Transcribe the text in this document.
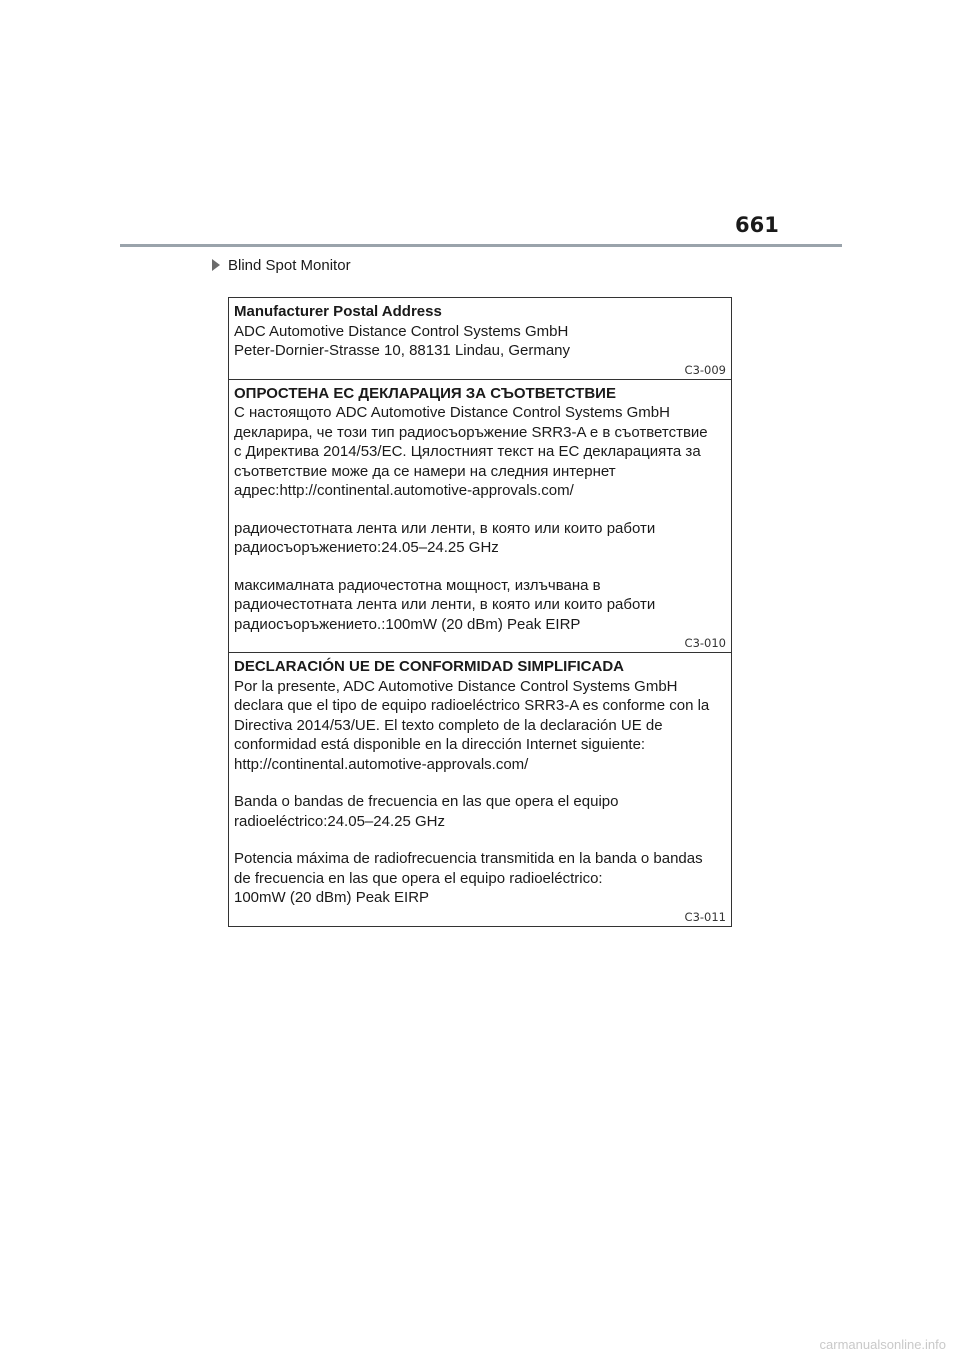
661
Blind Spot Monitor
Manufacturer Postal Address

ADC Automotive Distance Control Systems GmbH

Peter-Dornier-Strasse 10, 88131 Lindau, Germany

C3-009
ОПРОСТЕНА ЕС ДЕКЛАРАЦИЯ ЗА СЪОТВЕТСТВИЕ

С настоящото ADC Automotive Distance Control Systems GmbH

декларира, че този тип радиосъоръжение SRR3-A е в съответствие

с Директива 2014/53/ЕС. Цялостният текст на ЕС декларацията за

съответствие може да се намери на следния интернет

адрес:http://continental.automotive-approvals.com/

радиочестотната лента или ленти, в която или които работи

радиосъоръжението:24.05–24.25 GHz

максималната радиочестотна мощност, излъчвана в

радиочестотната лента или ленти, в която или които работи

радиосъоръжението.:100mW (20 dBm) Peak EIRP

C3-010
DECLARACIÓN UE DE CONFORMIDAD SIMPLIFICADA

Por la presente, ADC Automotive Distance Control Systems GmbH

declara que el tipo de equipo radioeléctrico SRR3-A es conforme con la

Directiva 2014/53/UE. El texto completo de la declaración UE de

conformidad está disponible en la dirección Internet siguiente:

http://continental.automotive-approvals.com/

Banda o bandas de frecuencia en las que opera el equipo

radioeléctrico:24.05–24.25 GHz

Potencia máxima de radiofrecuencia transmitida en la banda o bandas

de frecuencia en las que opera el equipo radioeléctrico:

100mW (20 dBm) Peak EIRP

C3-011
carmanualsonline.info
